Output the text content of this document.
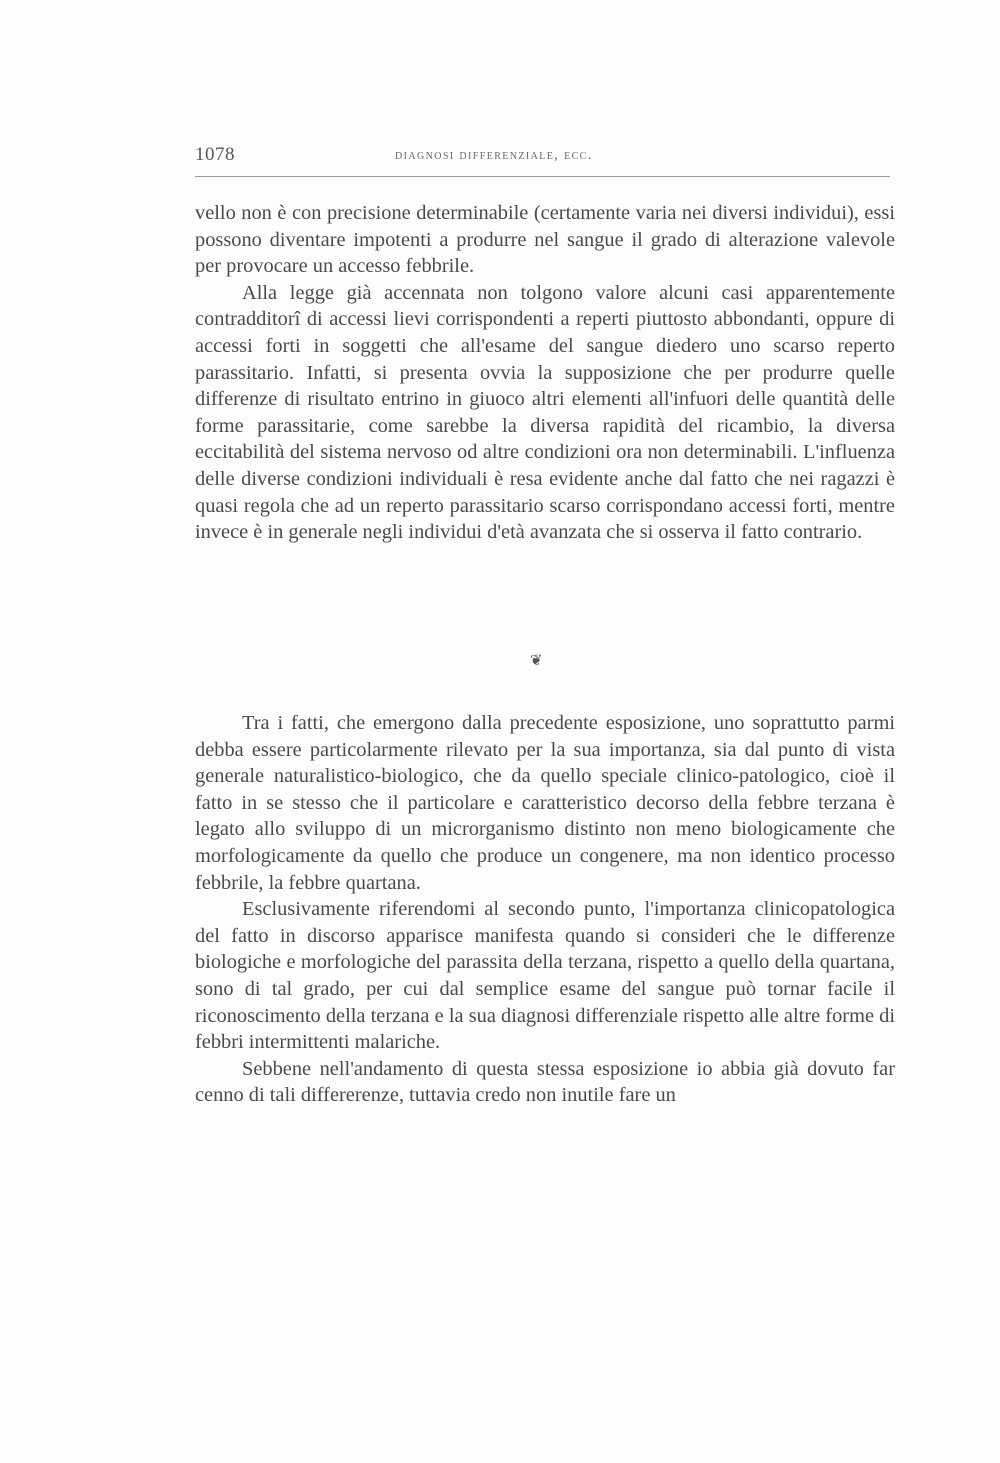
1078	diagnosi differenziale, ecc.

vello non è con precisione determinabile (certamente varia nei diversi individui), essi possono diventare impotenti a produrre nel sangue il grado di alterazione valevole per provocare un accesso febbrile.

Alla legge già accennata non tolgono valore alcuni casi apparentemente contradditorî di accessi lievi corrispondenti a reperti piuttosto abbondanti, oppure di accessi forti in soggetti che all'esame del sangue diedero uno scarso reperto parassitario. Infatti, si presenta ovvia la supposizione che per produrre quelle differenze di risultato entrino in giuoco altri elementi all'infuori delle quantità delle forme parassitarie, come sarebbe la diversa rapidità del ricambio, la diversa eccitabilità del sistema nervoso od altre condizioni ora non determinabili. L'influenza delle diverse condizioni individuali è resa evidente anche dal fatto che nei ragazzi è quasi regola che ad un reperto parassitario scarso corrispondano accessi forti, mentre invece è in generale negli individui d'età avanzata che si osserva il fatto contrario.

❦

Tra i fatti, che emergono dalla precedente esposizione, uno soprattutto parmi debba essere particolarmente rilevato per la sua importanza, sia dal punto di vista generale naturalistico-biologico, che da quello speciale clinico-patologico, cioè il fatto in se stesso che il particolare e caratteristico decorso della febbre terzana è legato allo sviluppo di un microrganismo distinto non meno biologicamente che morfologicamente da quello che produce un congenere, ma non identico processo febbrile, la febbre quartana.

Esclusivamente riferendomi al secondo punto, l'importanza clinicopatologica del fatto in discorso apparisce manifesta quando si consideri che le differenze biologiche e morfologiche del parassita della terzana, rispetto a quello della quartana, sono di tal grado, per cui dal semplice esame del sangue può tornar facile il riconoscimento della terzana e la sua diagnosi differenziale rispetto alle altre forme di febbri intermittenti malariche.

Sebbene nell'andamento di questa stessa esposizione io abbia già dovuto far cenno di tali differerenze, tuttavia credo non inutile fare un
